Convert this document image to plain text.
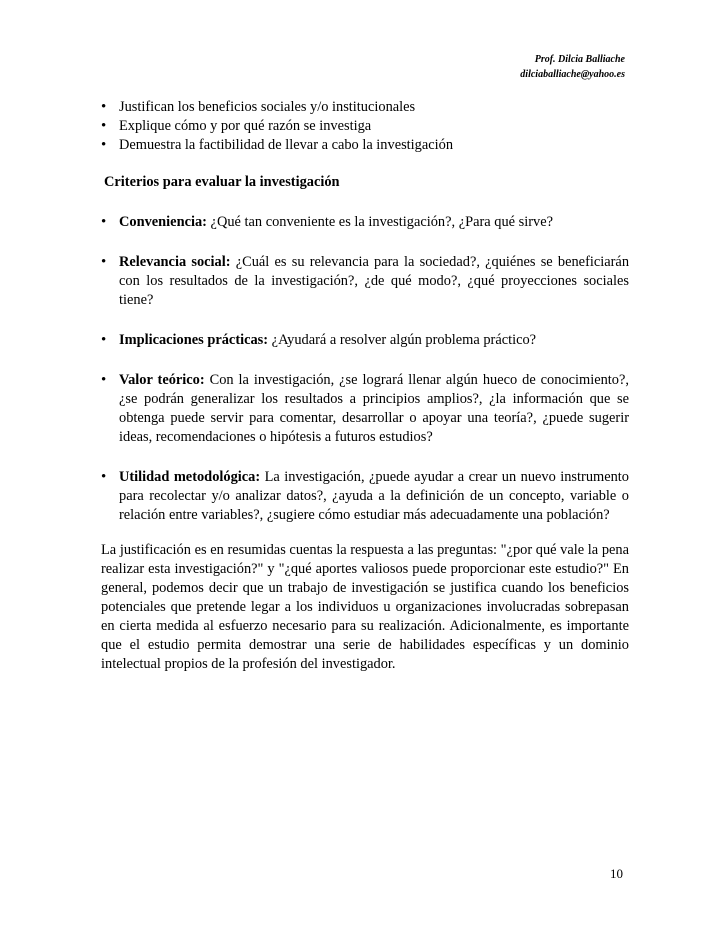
Prof. Dilcia Balliache
dilciaballiache@yahoo.es
• Justifican los beneficios sociales y/o institucionales
• Explique cómo y por qué razón se investiga
• Demuestra la factibilidad de llevar a cabo la investigación
Criterios para evaluar la investigación
• Conveniencia: ¿Qué tan conveniente es la investigación?, ¿Para qué sirve?
• Relevancia social: ¿Cuál es su relevancia para la sociedad?, ¿quiénes se beneficiarán con los resultados de la investigación?, ¿de qué modo?, ¿qué proyecciones sociales tiene?
• Implicaciones prácticas: ¿Ayudará a resolver algún problema práctico?
• Valor teórico: Con la investigación, ¿se logrará llenar algún hueco de conocimiento?, ¿se podrán generalizar los resultados a principios amplios?, ¿la información que se obtenga puede servir para comentar, desarrollar o apoyar una teoría?, ¿puede sugerir ideas, recomendaciones o hipótesis a futuros estudios?
• Utilidad metodológica: La investigación, ¿puede ayudar a crear un nuevo instrumento para recolectar y/o analizar datos?, ¿ayuda a la definición de un concepto, variable o relación entre variables?, ¿sugiere cómo estudiar más adecuadamente una población?

La justificación es en resumidas cuentas la respuesta a las preguntas: "¿por qué vale la pena realizar esta investigación?" y "¿qué aportes valiosos puede proporcionar este estudio?" En general, podemos decir que un trabajo de investigación se justifica cuando los beneficios potenciales que pretende legar a los individuos u organizaciones involucradas sobrepasan en cierta medida al esfuerzo necesario para su realización. Adicionalmente, es importante que el estudio permita demostrar una serie de habilidades específicas y un dominio intelectual propios de la profesión del investigador.

10
